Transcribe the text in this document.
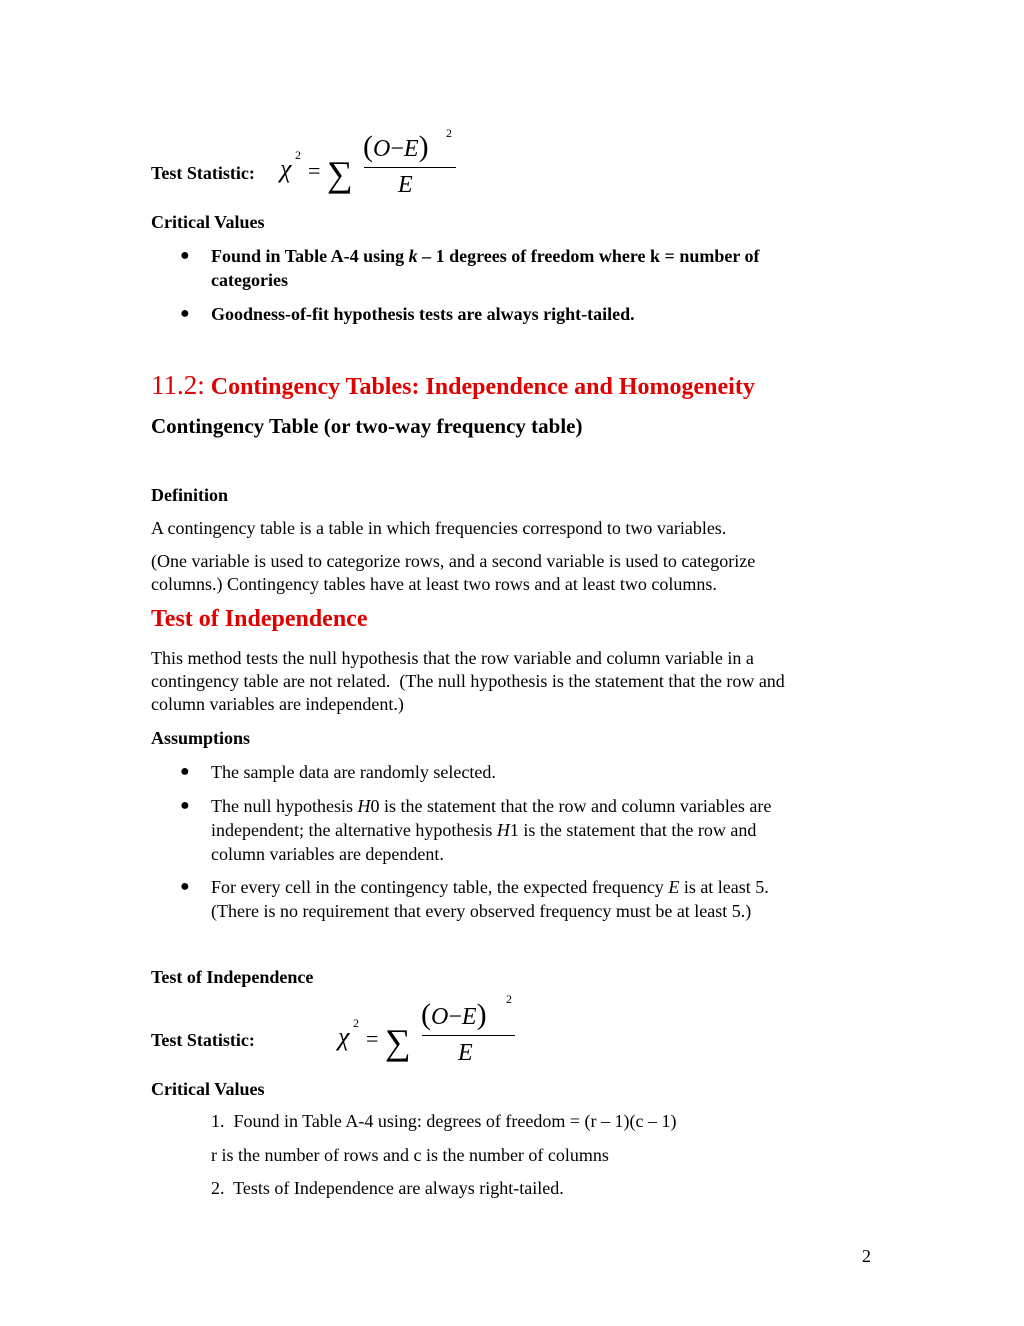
Test Statistic: χ 2
= ∑
(O−E) 2
E
Critical Values
● Found in Table A-4 using k – 1 degrees of freedom where k = number of
categories
● Goodness-of-fit hypothesis tests are always right-tailed.
11.2: Contingency Tables: Independence and Homogeneity
Contingency Table (or two-way frequency table)
Definition
A contingency table is a table in which frequencies correspond to two variables.
(One variable is used to categorize rows, and a second variable is used to categorize
columns.) Contingency tables have at least two rows and at least two columns.
Test of Independence
This method tests the null hypothesis that the row variable and column variable in a
contingency table are not related.  (The null hypothesis is the statement that the row and
column variables are independent.)
Assumptions
● The sample data are randomly selected.
● The null hypothesis H0 is the statement that the row and column variables are
independent; the alternative hypothesis H1 is the statement that the row and
column variables are dependent.
● For every cell in the contingency table, the expected frequency E is at least 5.
(There is no requirement that every observed frequency must be at least 5.)
Test of Independence
Test Statistic:	χ 2
= ∑
(O−E) 2
E
Critical Values
1.  Found in Table A-4 using: degrees of freedom = (r – 1)(c – 1)
r is the number of rows and c is the number of columns
2.  Tests of Independence are always right-tailed.
2
